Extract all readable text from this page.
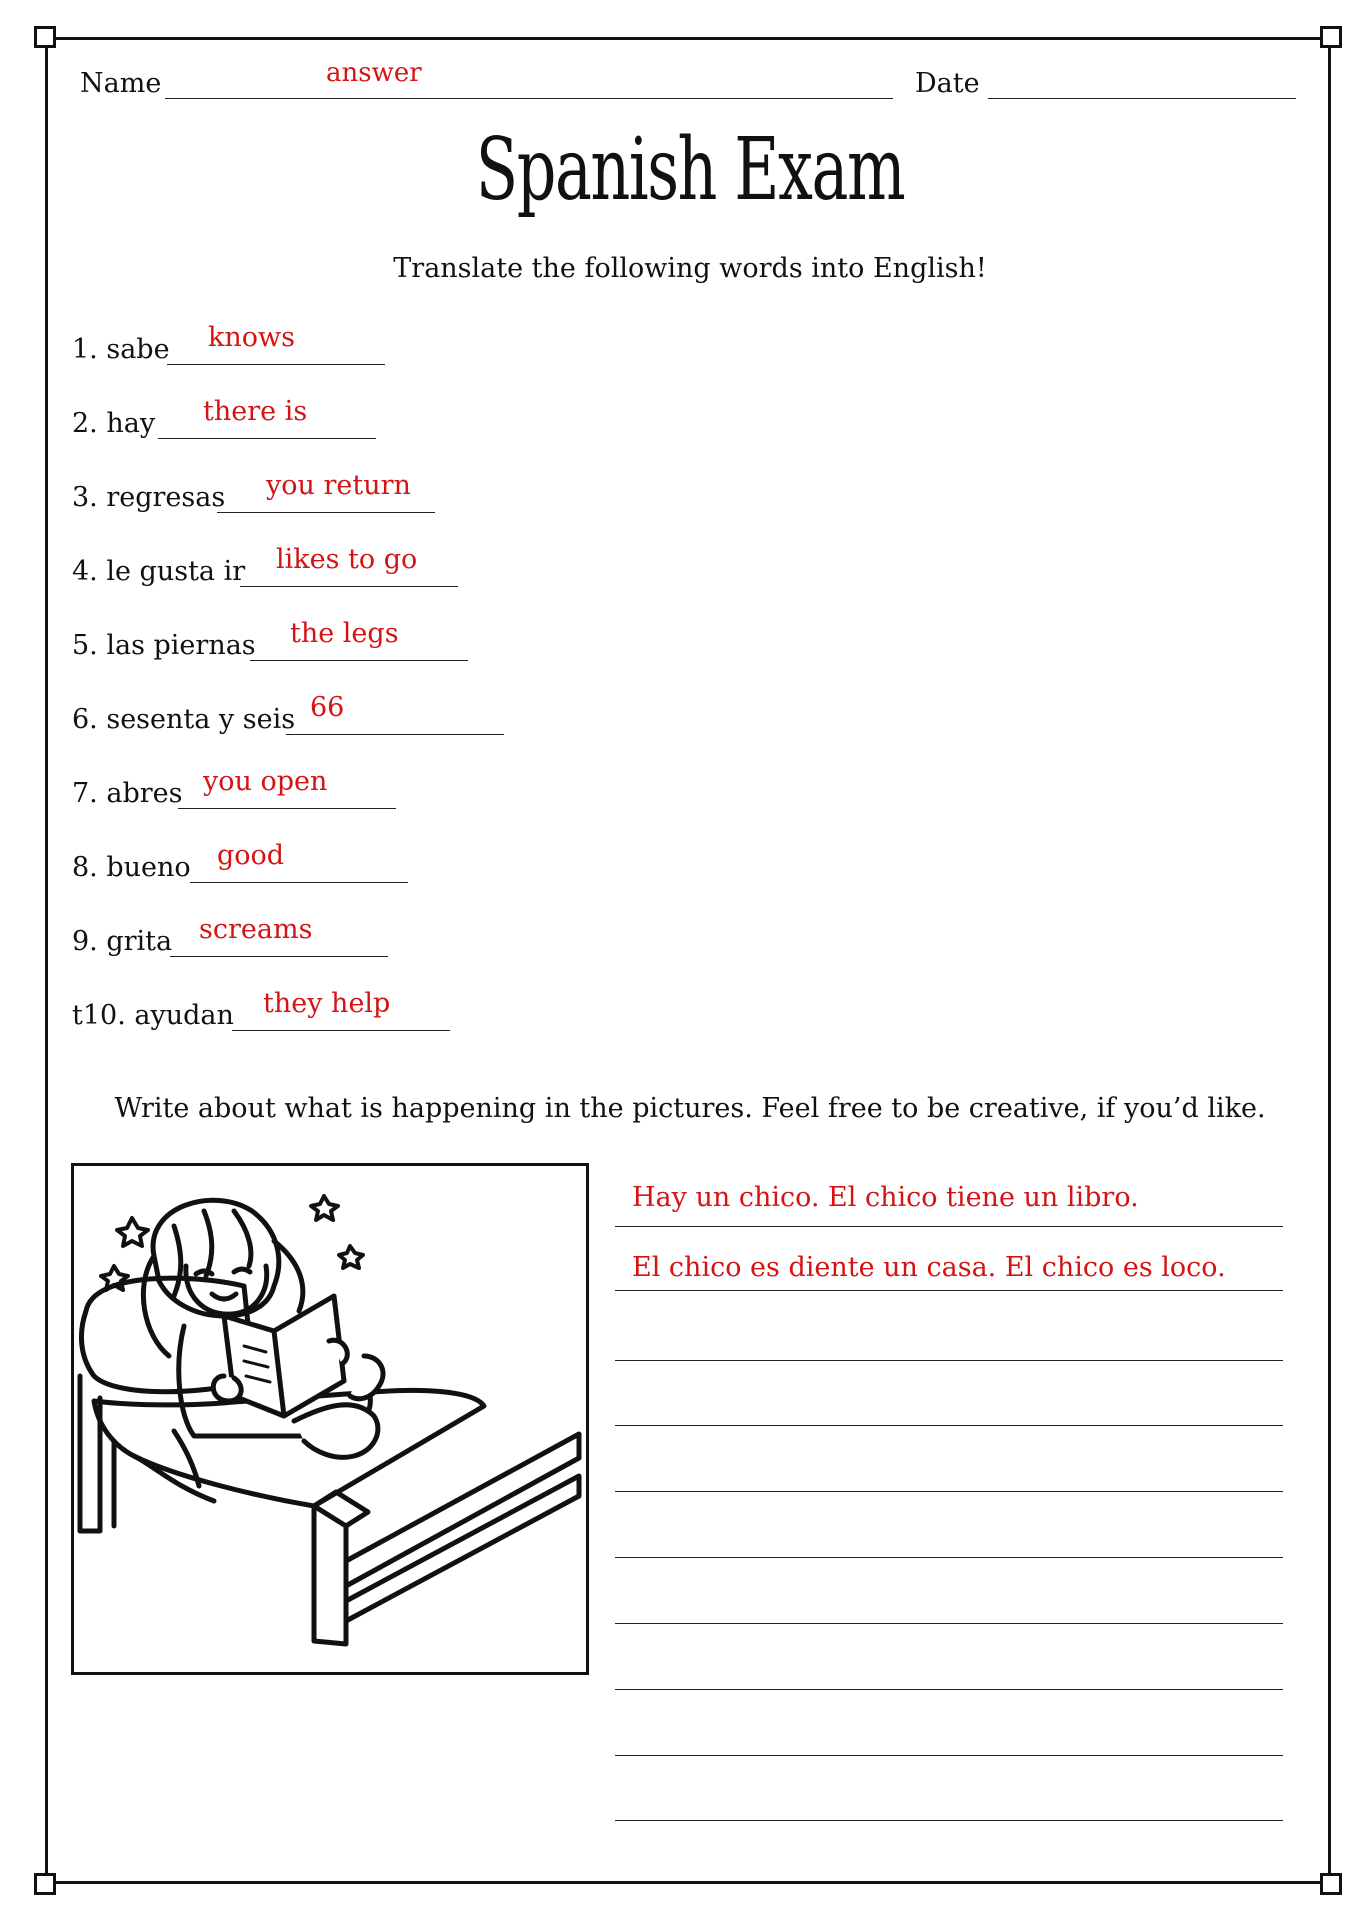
Name	answer	Date
Spanish Exam
Translate the following words into English!
1. sabe knows
2. hay there is
3. regresas you return
4. le gusta ir likes to go
5. las piernas the legs
6. sesenta y seis 66
7. abres you open
8. bueno good
9. grita screams
t10. ayudan they help
Write about what is happening in the pictures. Feel free to be creative, if you’d like.
Hay un chico. El chico tiene un libro.
El chico es diente un casa. El chico es loco.
